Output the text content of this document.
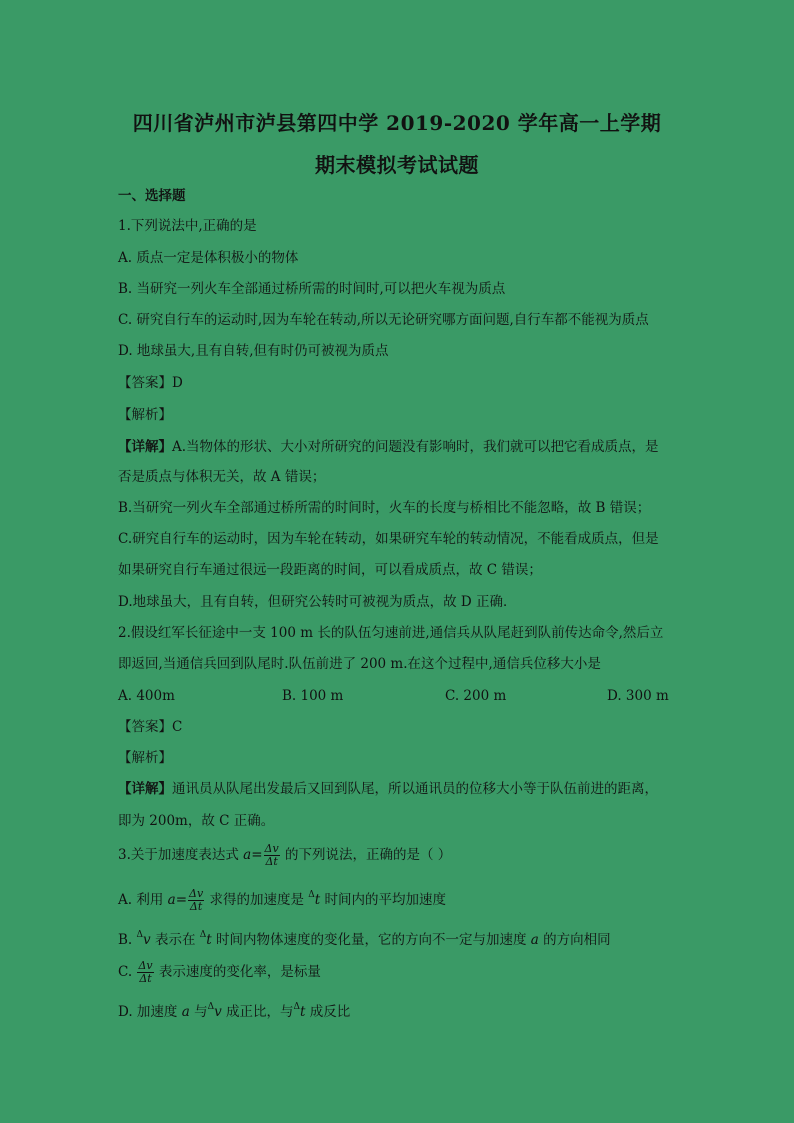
四川省泸州市泸县第四中学 2019-2020 学年高一上学期
期末模拟考试试题
一、选择题
1.下列说法中,正确的是
A. 质点一定是体积极小的物体
B. 当研究一列火车全部通过桥所需的时间时,可以把火车视为质点
C. 研究自行车的运动时,因为车轮在转动,所以无论研究哪方面问题,自行车都不能视为质点
D. 地球虽大,且有自转,但有时仍可被视为质点
【答案】D
【解析】
【详解】A.当物体的形状、大小对所研究的问题没有影响时，我们就可以把它看成质点，是
否是质点与体积无关，故 A 错误；
B.当研究一列火车全部通过桥所需的时间时，火车的长度与桥相比不能忽略，故 B 错误；
C.研究自行车的运动时，因为车轮在转动，如果研究车轮的转动情况，不能看成质点，但是
如果研究自行车通过很远一段距离的时间，可以看成质点，故 C 错误；
D.地球虽大，且有自转，但研究公转时可被视为质点，故 D 正确．
2.假设红军长征途中一支 100 m 长的队伍匀速前进,通信兵从队尾赶到队前传达命令,然后立
即返回,当通信兵回到队尾时.队伍前进了 200 m.在这个过程中,通信兵位移大小是
A. 400m	B. 100 m	C. 200 m	D. 300 m
【答案】C
【解析】
【详解】通讯员从队尾出发最后又回到队尾，所以通讯员的位移大小等于队伍前进的距离，
即为 200m，故 C 正确。
3.关于加速度表达式 $a= \frac{\Delta v}{\Delta t}$ 的下列说法，正确的是（ ）
A. 利用 $a= \frac{\Delta v}{\Delta t}$ 求得的加速度是 $^\Delta$t 时间内的平均加速度
B. $^\Delta$v 表示在 $^\Delta$t 时间内物体速度的变化量，它的方向不一定与加速度 a 的方向相同
C. $\frac{\Delta v}{\Delta t}$ 表示速度的变化率，是标量
D. 加速度 a 与$^\Delta$v 成正比，与$^\Delta$t 成反比
